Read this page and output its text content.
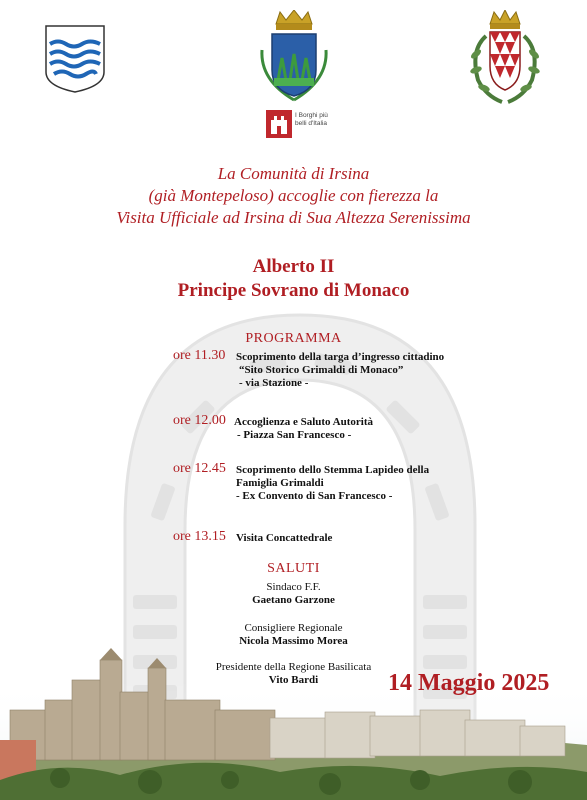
I Borghi più belli d'Italia
La Comunità di Irsina
(già Montepeloso) accoglie con fierezza la
Visita Ufficiale ad Irsina di Sua Altezza Serenissima
Alberto II
Principe Sovrano di Monaco
PROGRAMMA
ore 11.30 Scoprimento della targa d’ingresso cittadino
“Sito Storico Grimaldi di Monaco”
- via Stazione -
ore 12.00 Accoglienza e Saluto Autorità
- Piazza San Francesco -
ore 12.45 Scoprimento dello Stemma Lapideo della
Famiglia Grimaldi
- Ex Convento di San Francesco -
ore 13.15 Visita Concattedrale
SALUTI
Sindaco F.F.
Gaetano Garzone
Consigliere Regionale
Nicola Massimo Morea
Presidente della Regione Basilicata
14 Maggio 2025
